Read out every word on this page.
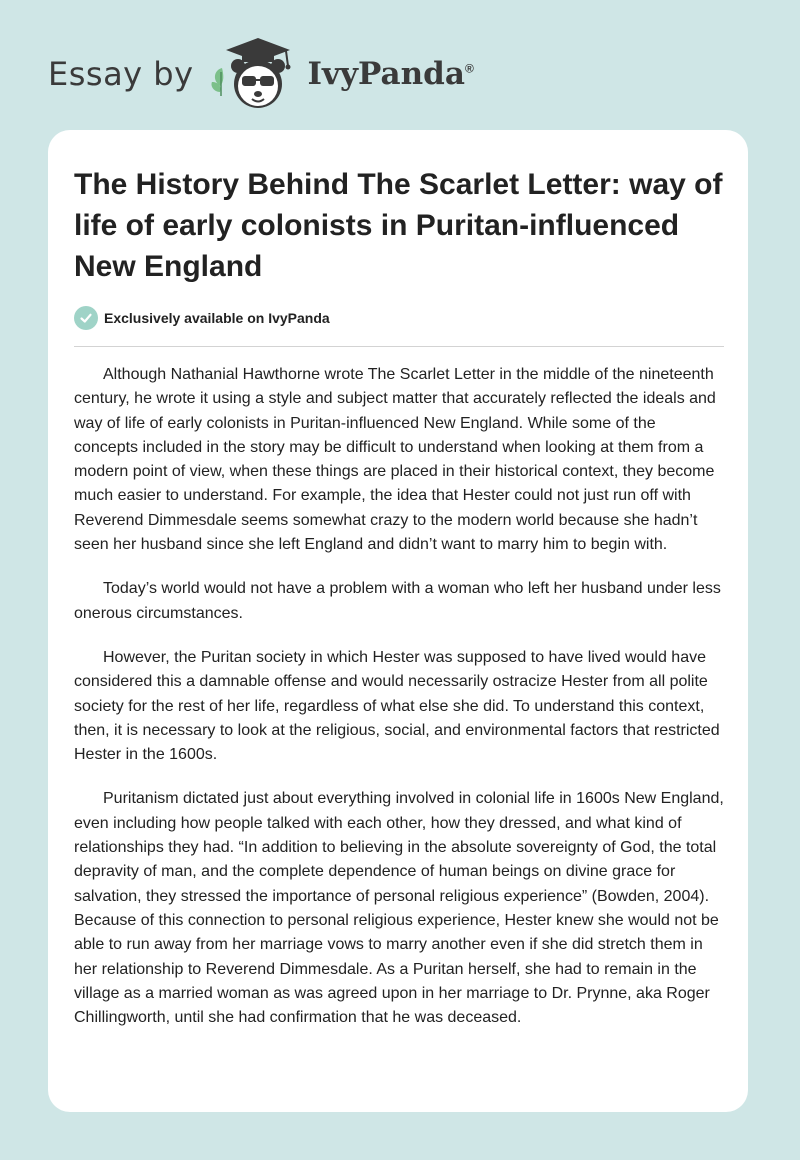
Essay by	IvyPanda®
The History Behind The Scarlet Letter: way of life of early colonists in Puritan-influenced New England
Exclusively available on IvyPanda

Although Nathanial Hawthorne wrote The Scarlet Letter in the middle of the nineteenth century, he wrote it using a style and subject matter that accurately reflected the ideals and way of life of early colonists in Puritan-influenced New England. While some of the concepts included in the story may be difficult to understand when looking at them from a modern point of view, when these things are placed in their historical context, they become much easier to understand. For example, the idea that Hester could not just run off with Reverend Dimmesdale seems somewhat crazy to the modern world because she hadn’t seen her husband since she left England and didn’t want to marry him to begin with.

Today’s world would not have a problem with a woman who left her husband under less onerous circumstances.

However, the Puritan society in which Hester was supposed to have lived would have considered this a damnable offense and would necessarily ostracize Hester from all polite society for the rest of her life, regardless of what else she did. To understand this context, then, it is necessary to look at the religious, social, and environmental factors that restricted Hester in the 1600s.

Puritanism dictated just about everything involved in colonial life in 1600s New England, even including how people talked with each other, how they dressed, and what kind of relationships they had. “In addition to believing in the absolute sovereignty of God, the total depravity of man, and the complete dependence of human beings on divine grace for salvation, they stressed the importance of personal religious experience” (Bowden, 2004). Because of this connection to personal religious experience, Hester knew she would not be able to run away from her marriage vows to marry another even if she did stretch them in her relationship to Reverend Dimmesdale. As a Puritan herself, she had to remain in the village as a married woman as was agreed upon in her marriage to Dr. Prynne, aka Roger Chillingworth, until she had confirmation that he was deceased.
